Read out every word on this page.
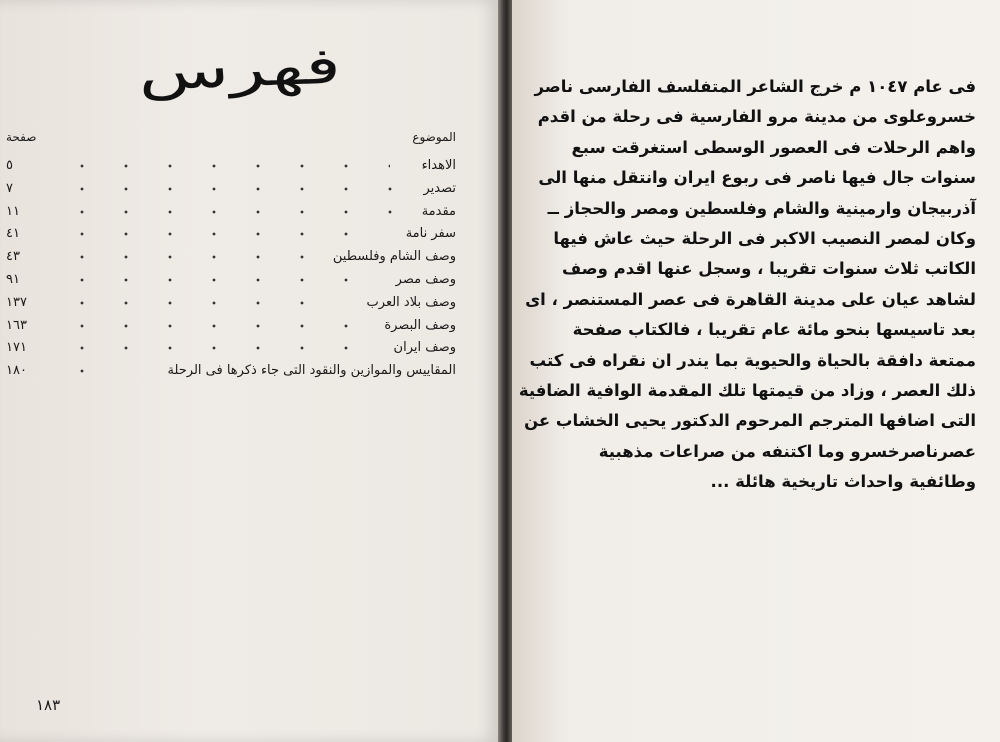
فهرس
صفحة	الموضوع
الاهداء
٥
تصدير
٧
مقدمة
١١
سفر نامة
٤١
وصف الشام وفلسطين
٤٣
وصف مصر
٩١
وصف بلاد العرب
١٣٧
وصف البصرة
١٦٣
وصف ايران
١٧١
المقاييس والموازين والنقود التى جاء ذكرها فى الرحلة
١٨٠
١٨٣
فى عام ١٠٤٧ م خرج الشاعر المتفلسف الفارسى ناصر
خسروعلوى من مدينة مرو الفارسية فى رحلة من اقدم
واهم الرحلات فى العصور الوسطى استغرقت سبع
سنوات جال فيها ناصر فى ربوع ايران وانتقل منها الى
آذربيجان وارمينية والشام وفلسطين ومصر والحجاز ــ
وكان لمصر النصيب الاكبر فى الرحلة حيث عاش فيها
الكاتب ثلاث سنوات تقريبا ، وسجل عنها اقدم وصف
لشاهد عيان على مدينة القاهرة فى عصر المستنصر ، اى
بعد تاسيسها بنحو مائة عام تقريبا ، فالكتاب صفحة
ممتعة دافقة بالحياة والحيوية بما يندر ان نقراه فى كتب
ذلك العصر ، وزاد من قيمتها تلك المقدمة الوافية الضافية
التى اضافها المترجم المرحوم الدكتور يحيى الخشاب عن
عصرناصرخسرو وما اكتنفه من صراعات مذهبية
وطائفية واحداث تاريخية هائلة ...
